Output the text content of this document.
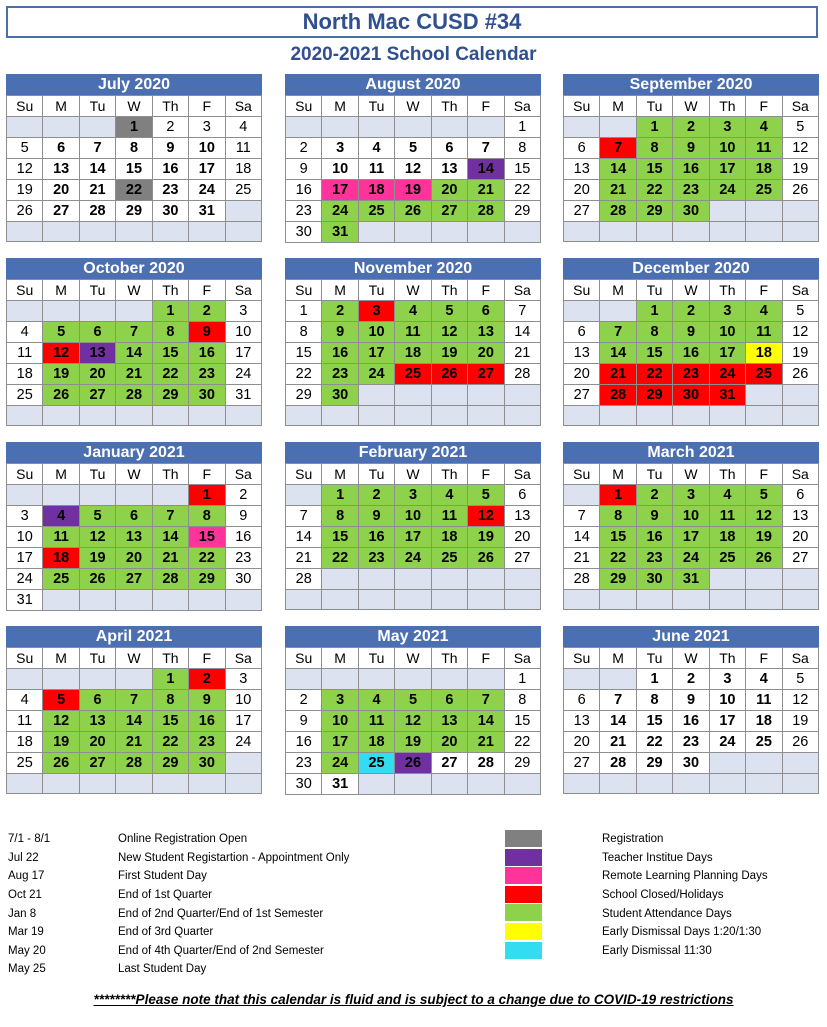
North Mac CUSD #34
2020-2021 School Calendar
July 2020
Su	M	Tu	W	Th	F	Sa
			1	2	3	4
5	6	7	8	9	10	11
12	13	14	15	16	17	18
19	20	21	22	23	24	25
26	27	28	29	30	31	

August 2020
Su	M	Tu	W	Th	F	Sa
						1
2	3	4	5	6	7	8
9	10	11	12	13	14	15
16	17	18	19	20	21	22
23	24	25	26	27	28	29
30	31					
September 2020
Su	M	Tu	W	Th	F	Sa
		1	2	3	4	5
6	7	8	9	10	11	12
13	14	15	16	17	18	19
20	21	22	23	24	25	26
27	28	29	30			

October 2020
Su	M	Tu	W	Th	F	Sa
				1	2	3
4	5	6	7	8	9	10
11	12	13	14	15	16	17
18	19	20	21	22	23	24
25	26	27	28	29	30	31

November 2020
Su	M	Tu	W	Th	F	Sa
1	2	3	4	5	6	7
8	9	10	11	12	13	14
15	16	17	18	19	20	21
22	23	24	25	26	27	28
29	30					

December 2020
Su	M	Tu	W	Th	F	Sa
		1	2	3	4	5
6	7	8	9	10	11	12
13	14	15	16	17	18	19
20	21	22	23	24	25	26
27	28	29	30	31		

January 2021
Su	M	Tu	W	Th	F	Sa
					1	2
3	4	5	6	7	8	9
10	11	12	13	14	15	16
17	18	19	20	21	22	23
24	25	26	27	28	29	30
31						
February 2021
Su	M	Tu	W	Th	F	Sa
	1	2	3	4	5	6
7	8	9	10	11	12	13
14	15	16	17	18	19	20
21	22	23	24	25	26	27
28						

March 2021
Su	M	Tu	W	Th	F	Sa
	1	2	3	4	5	6
7	8	9	10	11	12	13
14	15	16	17	18	19	20
21	22	23	24	25	26	27
28	29	30	31			

April 2021
Su	M	Tu	W	Th	F	Sa
				1	2	3
4	5	6	7	8	9	10
11	12	13	14	15	16	17
18	19	20	21	22	23	24
25	26	27	28	29	30	

May 2021
Su	M	Tu	W	Th	F	Sa
						1
2	3	4	5	6	7	8
9	10	11	12	13	14	15
16	17	18	19	20	21	22
23	24	25	26	27	28	29
30	31					
June 2021
Su	M	Tu	W	Th	F	Sa
		1	2	3	4	5
6	7	8	9	10	11	12
13	14	15	16	17	18	19
20	21	22	23	24	25	26
27	28	29	30			

7/1 - 8/1	Online Registration Open
Jul 22	New Student Registartion - Appointment Only
Aug 17	First Student Day
Oct 21	End of 1st Quarter
Jan 8	End of 2nd Quarter/End of 1st Semester
Mar 19	End of 3rd Quarter
May 20	End of 4th Quarter/End of 2nd Semester
May 25	Last Student Day
Registration
Teacher Institue Days
Remote Learning Planning Days
School Closed/Holidays
Student Attendance Days
Early Dismissal Days 1:20/1:30
Early Dismissal 11:30
********Please note that this calendar is fluid and is subject to a change due to COVID-19 restrictions
